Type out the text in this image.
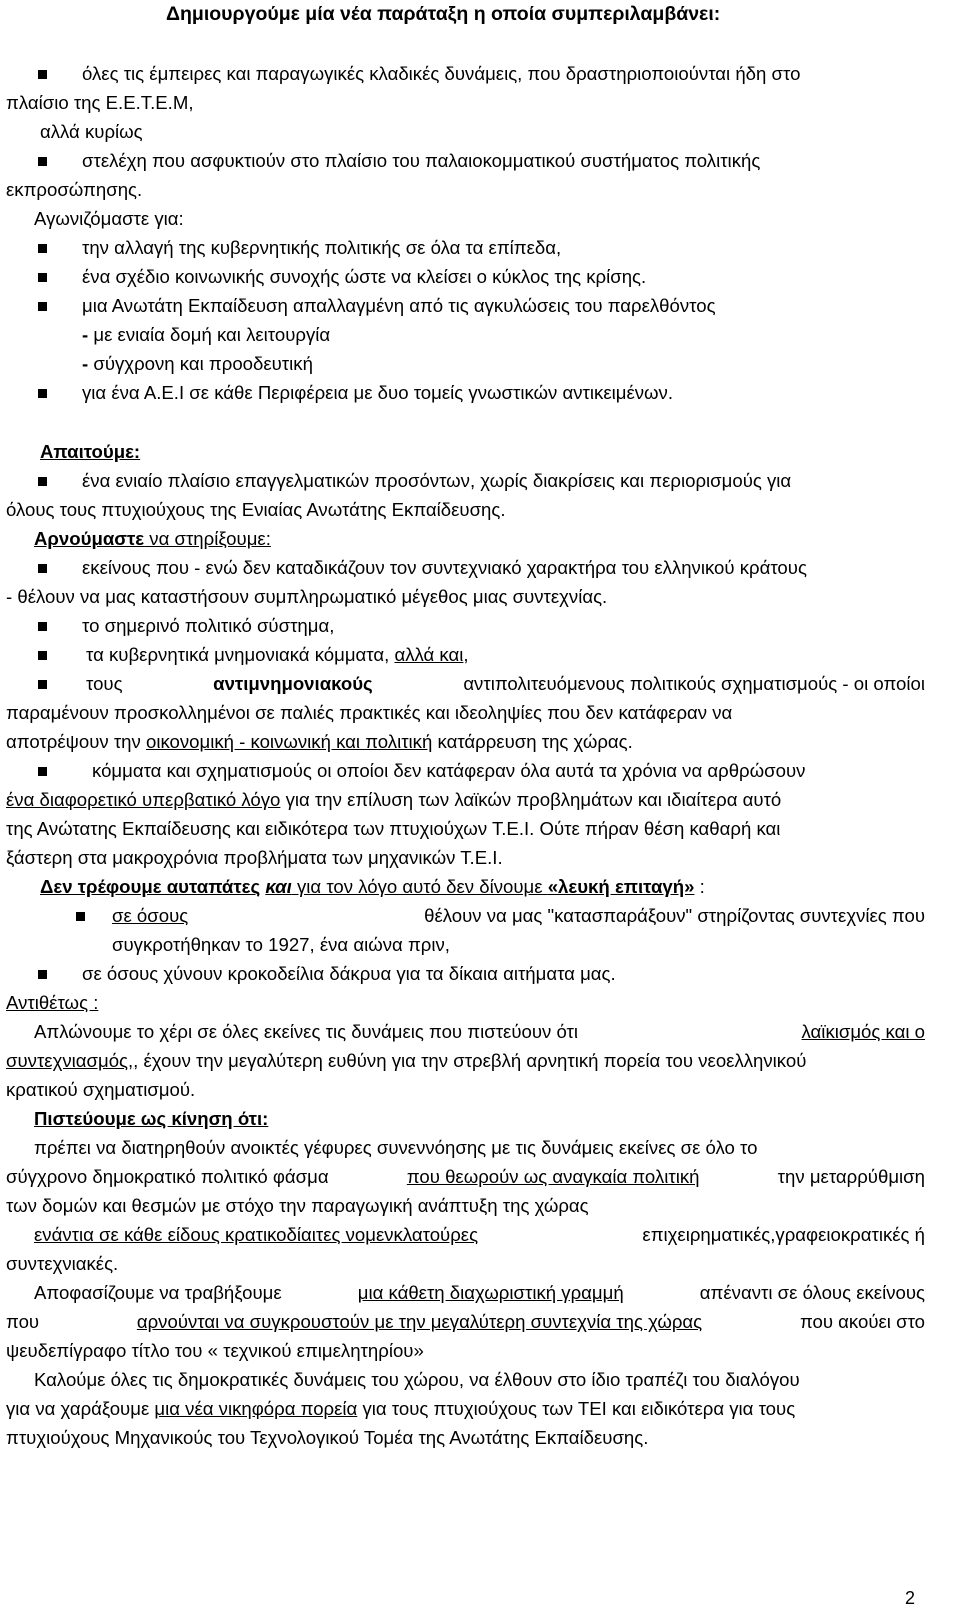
Δημιουργούμε μία νέα παράταξη η οποία συμπεριλαμβάνει:
όλες τις έμπειρες και παραγωγικές κλαδικές δυνάμεις, που δραστηριοποιούνται ήδη στο
πλαίσιο της Ε.Ε.Τ.Ε.Μ,
αλλά κυρίως
στελέχη που ασφυκτιούν στο πλαίσιο του παλαιοκομματικού συστήματος πολιτικής
εκπροσώπησης.
Αγωνιζόμαστε για:
την αλλαγή της κυβερνητικής πολιτικής σε όλα τα επίπεδα,
ένα σχέδιο κοινωνικής συνοχής ώστε να κλείσει ο κύκλος της κρίσης.
μια Ανωτάτη Εκπαίδευση απαλλαγμένη από τις αγκυλώσεις του παρελθόντος
- με ενιαία δομή και λειτουργία
- σύγχρονη και προοδευτική
για ένα Α.Ε.Ι σε κάθε Περιφέρεια με δυο τομείς γνωστικών αντικειμένων.
Απαιτούμε:
ένα ενιαίο πλαίσιο επαγγελματικών προσόντων, χωρίς διακρίσεις και περιορισμούς για
όλους τους πτυχιούχους της Ενιαίας Ανωτάτης Εκπαίδευσης.
Αρνούμαστε να στηρίξουμε:
εκείνους που - ενώ δεν καταδικάζουν τον συντεχνιακό χαρακτήρα του ελληνικού κράτους
- θέλουν να μας καταστήσουν συμπληρωματικό μέγεθος μιας συντεχνίας.
το σημερινό πολιτικό σύστημα,
τα κυβερνητικά μνημονιακά κόμματα, αλλά και,
τους	αντιμνημονιακούς	αντιπολιτευόμενους πολιτικούς σχηματισμούς - οι οποίοι
παραμένουν προσκολλημένοι σε παλιές πρακτικές και ιδεοληψίες που δεν κατάφεραν να
αποτρέψουν την οικονομική - κοινωνική και πολιτική κατάρρευση της χώρας.
κόμματα και σχηματισμούς οι οποίοι δεν κατάφεραν όλα αυτά τα χρόνια να αρθρώσουν
ένα διαφορετικό υπερβατικό λόγο για την επίλυση των λαϊκών προβλημάτων και ιδιαίτερα αυτό
της Ανώτατης Εκπαίδευσης και ειδικότερα των πτυχιούχων Τ.Ε.Ι. Ούτε πήραν θέση καθαρή και
ξάστερη στα μακροχρόνια προβλήματα των μηχανικών Τ.Ε.Ι.
Δεν τρέφουμε αυταπάτες και για τον λόγο αυτό δεν δίνουμε «λευκή επιταγή» :
σε όσους	θέλουν να μας "κατασπαράξουν" στηρίζοντας συντεχνίες που
συγκροτήθηκαν το 1927, ένα αιώνα πριν,
σε όσους χύνουν κροκοδείλια δάκρυα για τα δίκαια αιτήματα μας.
Αντιθέτως :
Απλώνουμε το χέρι σε όλες εκείνες τις δυνάμεις που πιστεύουν ότι	λαϊκισμός και ο
συντεχνιασμός,, έχουν την μεγαλύτερη ευθύνη για την στρεβλή αρνητική πορεία του νεοελληνικού
κρατικού σχηματισμού.
Πιστεύουμε ως κίνηση ότι:
πρέπει να διατηρηθούν ανοικτές γέφυρες συνεννόησης με τις δυνάμεις εκείνες σε όλο το
σύγχρονο δημοκρατικό πολιτικό φάσμα	που θεωρούν ως αναγκαία πολιτική	την μεταρρύθμιση
των δομών και θεσμών με στόχο την παραγωγική ανάπτυξη της χώρας
ενάντια σε κάθε είδους κρατικοδίαιτες νομενκλατούρες	επιχειρηματικές,γραφειοκρατικές ή
συντεχνιακές.
Αποφασίζουμε να τραβήξουμε	μια κάθετη διαχωριστική γραμμή	απέναντι σε όλους εκείνους
που	αρνούνται να συγκρουστούν με την μεγαλύτερη συντεχνία της χώρας	που ακούει στο
ψευδεπίγραφο τίτλο του « τεχνικού επιμελητηρίου»
Καλούμε όλες τις δημοκρατικές δυνάμεις του χώρου, να έλθουν στο ίδιο τραπέζι του διαλόγου
για να χαράξουμε μια νέα νικηφόρα πορεία για τους πτυχιούχους των ΤΕΙ και ειδικότερα για τους
πτυχιούχους Μηχανικούς του Τεχνολογικού Τομέα της Ανωτάτης Εκπαίδευσης.
2
